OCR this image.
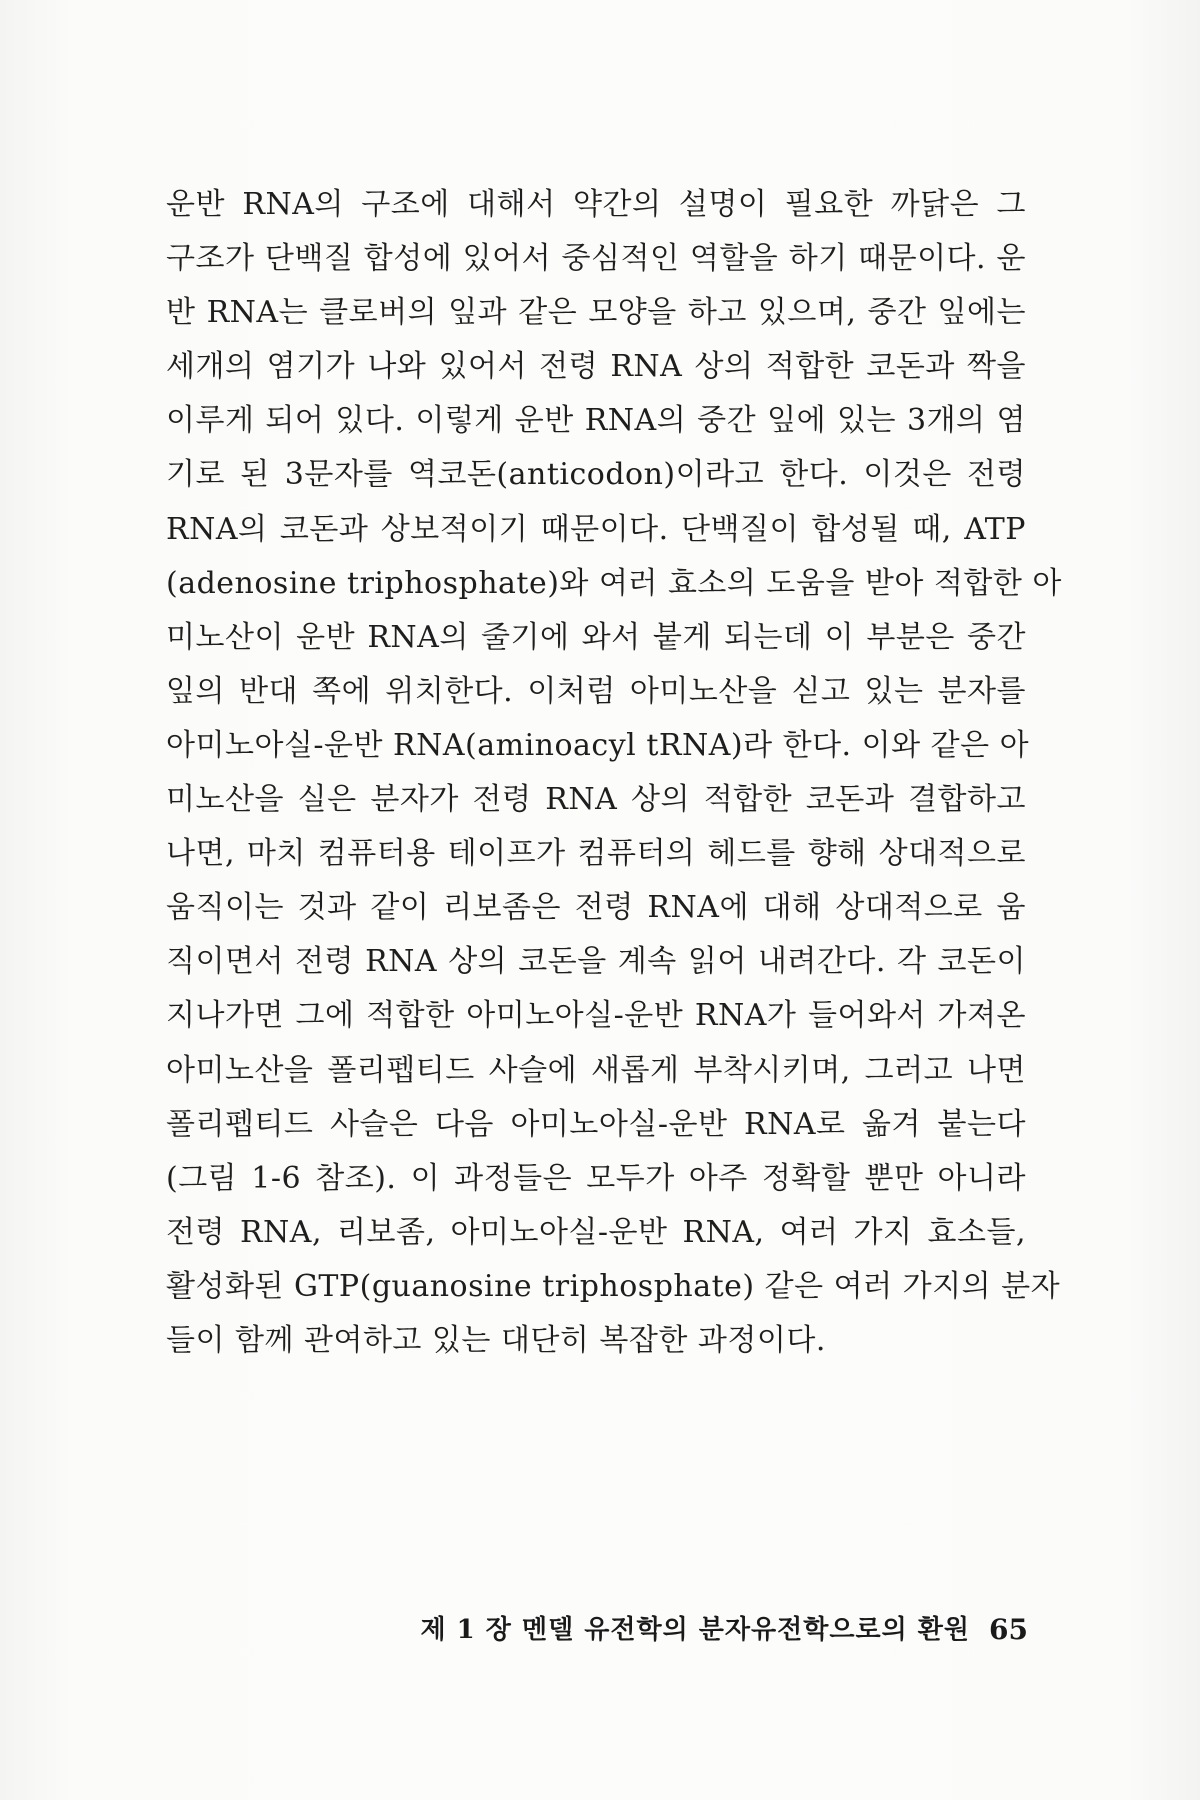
운반 RNA의 구조에 대해서 약간의 설명이 필요한 까닭은 그
구조가 단백질 합성에 있어서 중심적인 역할을 하기 때문이다. 운
반 RNA는 클로버의 잎과 같은 모양을 하고 있으며, 중간 잎에는
세개의 염기가 나와 있어서 전령 RNA 상의 적합한 코돈과 짝을
이루게 되어 있다. 이렇게 운반 RNA의 중간 잎에 있는 3개의 염
기로 된 3문자를 역코돈(anticodon)이라고 한다. 이것은 전령
RNA의 코돈과 상보적이기 때문이다. 단백질이 합성될 때, ATP
(adenosine triphosphate)와 여러 효소의 도움을 받아 적합한 아
미노산이 운반 RNA의 줄기에 와서 붙게 되는데 이 부분은 중간
잎의 반대 쪽에 위치한다. 이처럼 아미노산을 싣고 있는 분자를
아미노아실-운반 RNA(aminoacyl tRNA)라 한다. 이와 같은 아
미노산을 실은 분자가 전령 RNA 상의 적합한 코돈과 결합하고
나면, 마치 컴퓨터용 테이프가 컴퓨터의 헤드를 향해 상대적으로
움직이는 것과 같이 리보좀은 전령 RNA에 대해 상대적으로 움
직이면서 전령 RNA 상의 코돈을 계속 읽어 내려간다. 각 코돈이
지나가면 그에 적합한 아미노아실-운반 RNA가 들어와서 가져온
아미노산을 폴리펩티드 사슬에 새롭게 부착시키며, 그러고 나면
폴리펩티드 사슬은 다음 아미노아실-운반 RNA로 옮겨 붙는다
(그림 1-6 참조). 이 과정들은 모두가 아주 정확할 뿐만 아니라
전령 RNA, 리보좀, 아미노아실-운반 RNA, 여러 가지 효소들,
활성화된 GTP(guanosine triphosphate) 같은 여러 가지의 분자
들이 함께 관여하고 있는 대단히 복잡한 과정이다.
제 1 장 멘델 유전학의 분자유전학으로의 환원 65
